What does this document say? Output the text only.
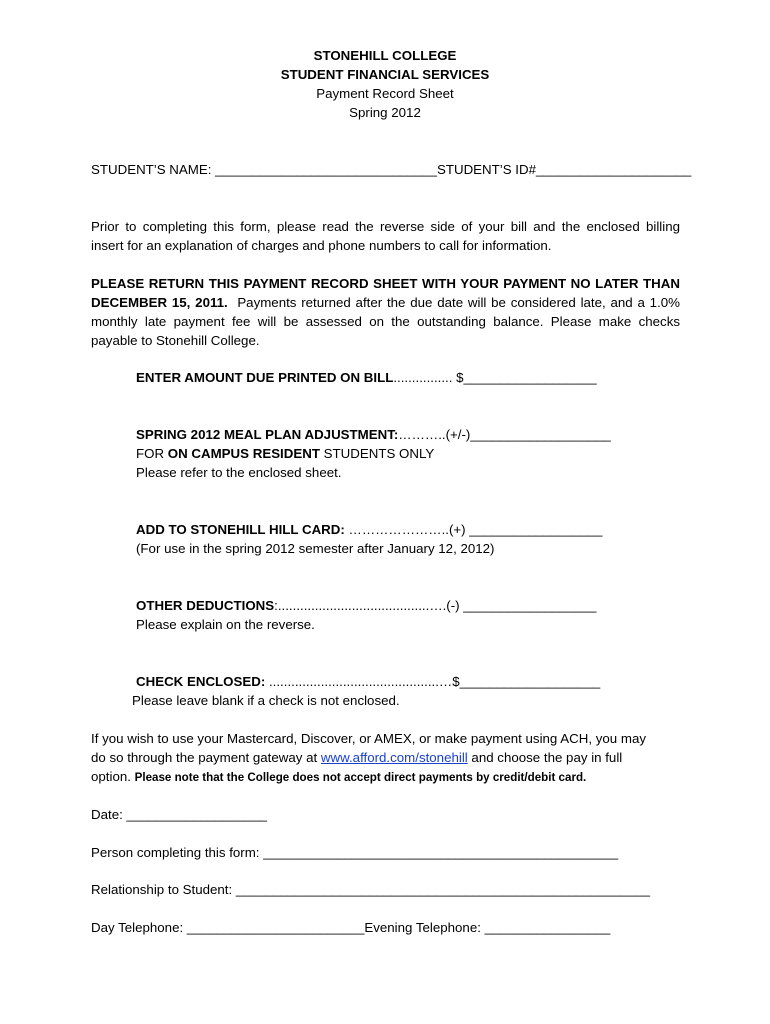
STONEHILL COLLEGE
STUDENT FINANCIAL SERVICES
Payment Record Sheet
Spring 2012
STUDENT’S NAME: ______________________________STUDENT’S ID#_____________________
Prior to completing this form, please read the reverse side of your bill and the enclosed billing
insert for an explanation of charges and phone numbers to call for information.
PLEASE RETURN THIS PAYMENT RECORD SHEET WITH YOUR PAYMENT NO LATER THAN
DECEMBER 15, 2011. Payments returned after the due date will be considered late, and a 1.0%
monthly late payment fee will be assessed on the outstanding balance. Please make checks
payable to Stonehill College.
ENTER AMOUNT DUE PRINTED ON BILL................ $__________________
SPRING 2012 MEAL PLAN ADJUSTMENT:………..(+/-)___________________
FOR ON CAMPUS RESIDENT STUDENTS ONLY
Please refer to the enclosed sheet.
ADD TO STONEHILL HILL CARD: …………………..(+) __________________
(For use in the spring 2012 semester after January 12, 2012)
OTHER DEDUCTIONS:.........................................….(-) __________________
Please explain on the reverse.
CHECK ENCLOSED: ..............................................…$___________________
Please leave blank if a check is not enclosed.
If you wish to use your Mastercard, Discover, or AMEX, or make payment using ACH, you may
do so through the payment gateway at www.afford.com/stonehill and choose the pay in full
option. Please note that the College does not accept direct payments by credit/debit card.
Date: ___________________
Person completing this form: ________________________________________________
Relationship to Student: ________________________________________________________
Day Telephone: ________________________Evening Telephone: _________________
